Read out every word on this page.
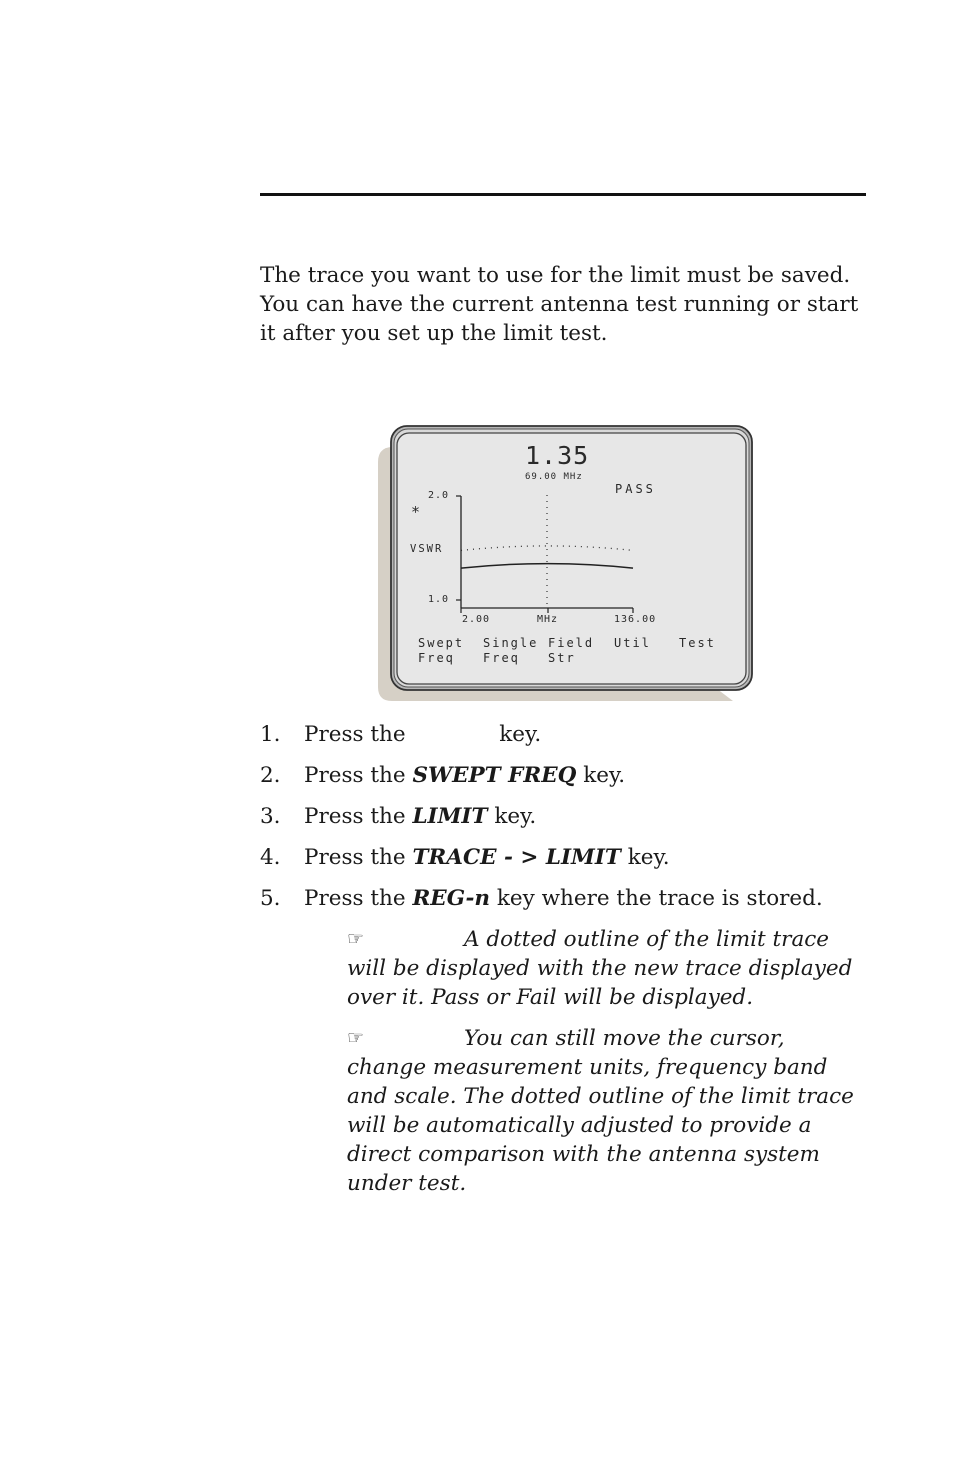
The trace you want to use for the limit must be saved. You can have the current antenna test running or start it after you set up the limit test.

1.35
69.00 MHz
PASS
2.0
1.0
*
VSWR
2.00	MHz	136.00
Swept
Freq
Single
Freq
Field
Str
Util Test

1. Press the	key.
2. Press the SWEPT FREQ key.
3. Press the LIMIT key.
4. Press the TRACE - > LIMIT key.
5. Press the REG-n key where the trace is stored.

☞	A dotted outline of the limit trace will be displayed with the new trace displayed over it. Pass or Fail will be displayed.

☞	You can still move the cursor, change measurement units, frequency band and scale. The dotted outline of the limit trace will be automatically adjusted to provide a direct comparison with the antenna system under test.
